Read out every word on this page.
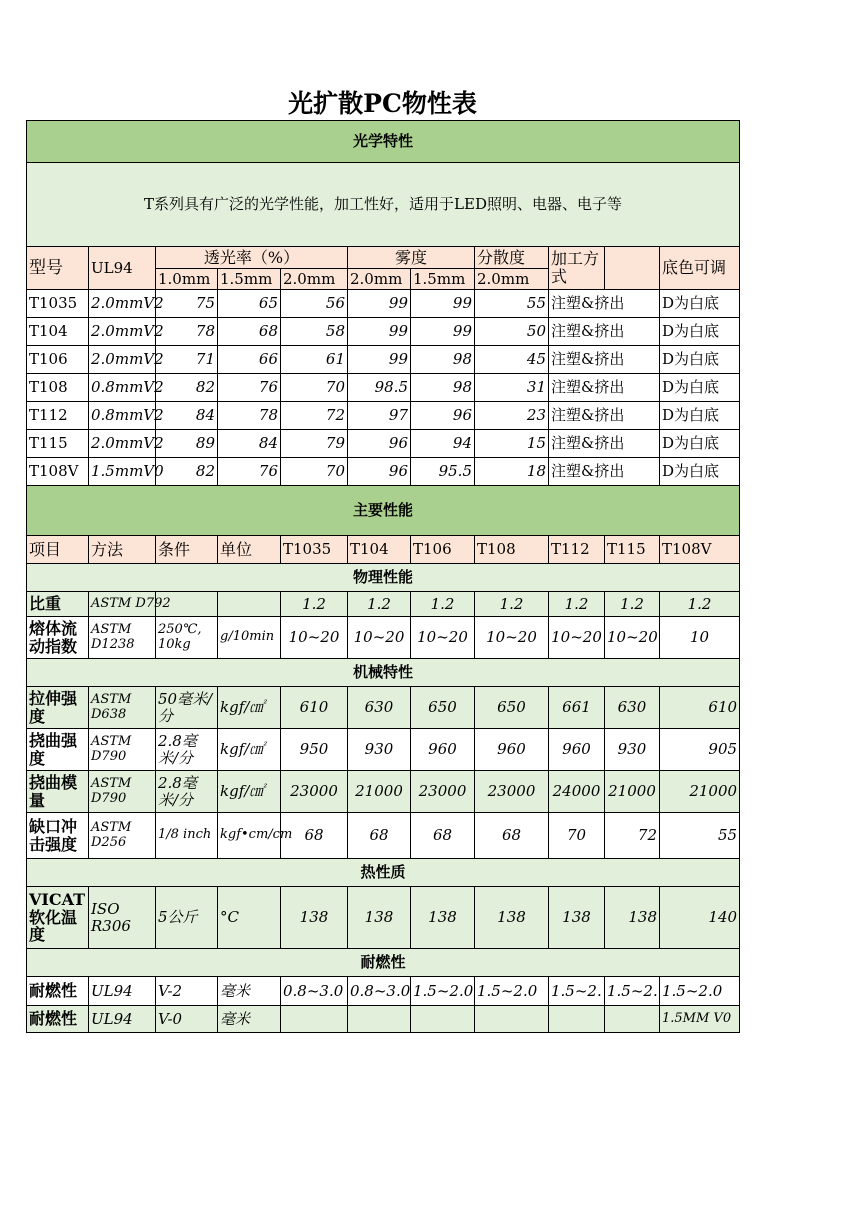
光扩散PC物性表
光学特性										
T系列具有广泛的光学性能，加工性好，适用于LED照明、电器、电子等										
型号	UL94	透光率（%）			雾度		分散度	加工方式		底色可调
		1.0mm	1.5mm	2.0mm	2.0mm	1.5mm	2.0mm			
T1035	2.0mmV2	75	65	56	99	99	55	注塑&挤出		D为白底
T104	2.0mmV2	78	68	58	99	99	50	注塑&挤出		D为白底
T106	2.0mmV2	71	66	61	99	98	45	注塑&挤出		D为白底
T108	0.8mmV2	82	76	70	98.5	98	31	注塑&挤出		D为白底
T112	0.8mmV2	84	78	72	97	96	23	注塑&挤出		D为白底
T115	2.0mmV2	89	84	79	96	94	15	注塑&挤出		D为白底
T108V	1.5mmV0	82	76	70	96	95.5	18	注塑&挤出		D为白底
主要性能										
项目	方法	条件	单位	T1035	T104	T106	T108	T112	T115	T108V
物理性能										
比重	ASTM D792			1.2	1.2	1.2	1.2	1.2	1.2	1.2
熔体流动指数	ASTM D1238	250℃, 10kg	g/10min	10~20	10~20	10~20	10~20	10~20	10~20	10
机械特性										
拉伸强度	ASTM D638	50毫米/分	kgf/㎠	610	630	650	650	661	630	610
挠曲强度	ASTM D790	2.8毫米/分	kgf/㎠	950	930	960	960	960	930	905
挠曲模量	ASTM D790	2.8毫米/分	kgf/㎠	23000	21000	23000	23000	24000	21000	21000
缺口冲击强度	ASTM D256	1/8 inch	kgf•cm/cm	68	68	68	68	70	72	55
热性质										
VICAT软化温度	ISO R306	5公斤	°C	138	138	138	138	138	138	140
耐燃性										
耐燃性	UL94	V-2	毫米	0.8~3.0	0.8~3.0	1.5~2.0	1.5~2.0	1.5~2.	1.5~2.	1.5~2.0
耐燃性	UL94	V-0	毫米							1.5MM V0
